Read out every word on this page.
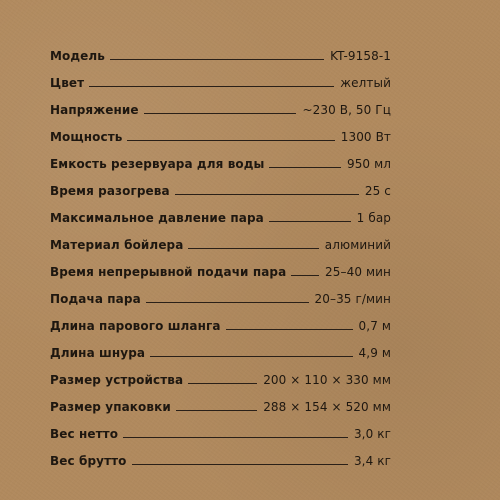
Модель	KT-9158-1
Цвет	желтый
Напряжение	~230 В, 50 Гц
Мощность	1300 Вт
Емкость резервуара для воды	950 мл
Время разогрева	25 с
Максимальное давление пара	1 бар
Материал бойлера	алюминий
Время непрерывной подачи пара	25–40 мин
Подача пара	20–35 г/мин
Длина парового шланга	0,7 м
Длина шнура	4,9 м
Размер устройства	200 × 110 × 330 мм
Размер упаковки	288 × 154 × 520 мм
Вес нетто	3,0 кг
Вес брутто	3,4 кг
